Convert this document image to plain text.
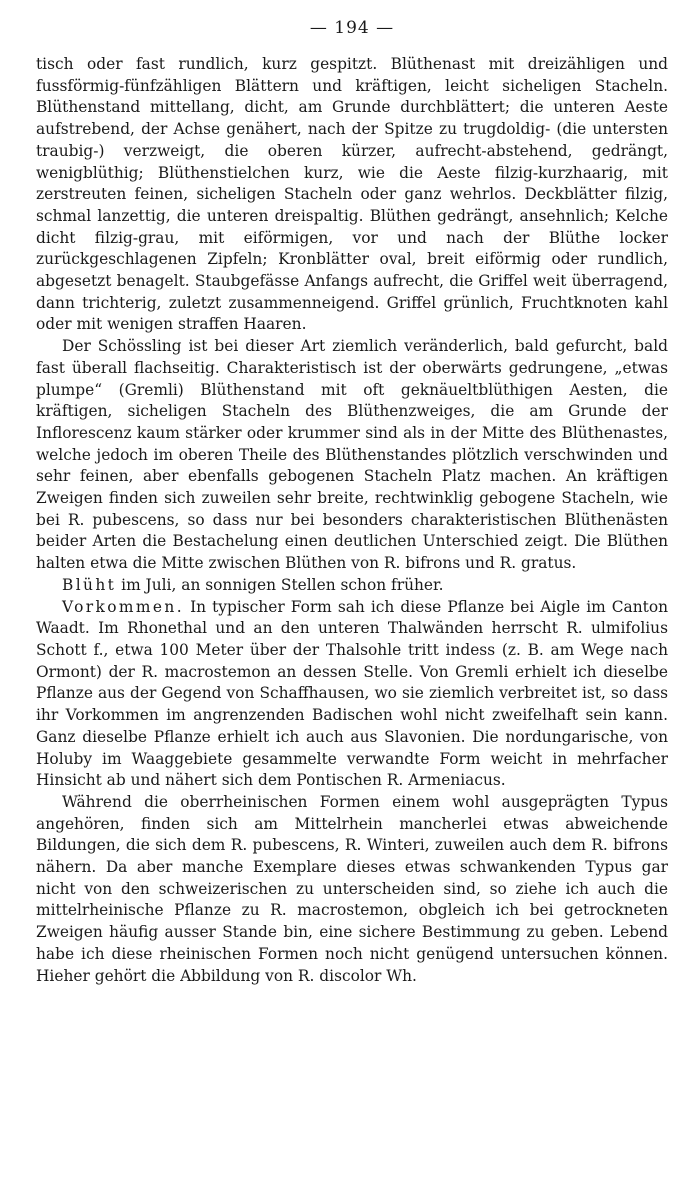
— 194 —

tisch oder fast rundlich, kurz gespitzt. Blüthenast mit dreizähligen und fussförmig-fünfzähligen Blättern und kräftigen, leicht sicheligen Stacheln. Blüthenstand mittellang, dicht, am Grunde durchblättert; die unteren Aeste aufstrebend, der Achse genähert, nach der Spitze zu trugdoldig- (die untersten traubig-) verzweigt, die oberen kürzer, aufrecht-abstehend, gedrängt, wenigblüthig; Blüthenstielchen kurz, wie die Aeste filzig-kurzhaarig, mit zerstreuten feinen, sicheligen Stacheln oder ganz wehrlos. Deckblätter filzig, schmal lanzettig, die unteren dreispaltig. Blüthen gedrängt, ansehnlich; Kelche dicht filzig-grau, mit eiförmigen, vor und nach der Blüthe locker zurückgeschlagenen Zipfeln; Kronblätter oval, breit eiförmig oder rundlich, abgesetzt benagelt. Staubgefässe Anfangs aufrecht, die Griffel weit überragend, dann trichterig, zuletzt zusammenneigend. Griffel grünlich, Fruchtknoten kahl oder mit wenigen straffen Haaren.

Der Schössling ist bei dieser Art ziemlich veränderlich, bald gefurcht, bald fast überall flachseitig. Charakteristisch ist der oberwärts gedrungene, „etwas plumpe“ (Gremli) Blüthenstand mit oft geknäueltblüthigen Aesten, die kräftigen, sicheligen Stacheln des Blüthenzweiges, die am Grunde der Inflorescenz kaum stärker oder krummer sind als in der Mitte des Blüthenastes, welche jedoch im oberen Theile des Blüthenstandes plötzlich verschwinden und sehr feinen, aber ebenfalls gebogenen Stacheln Platz machen. An kräftigen Zweigen finden sich zuweilen sehr breite, rechtwinklig gebogene Stacheln, wie bei R. pubescens, so dass nur bei besonders charakteristischen Blüthenästen beider Arten die Bestachelung einen deutlichen Unterschied zeigt. Die Blüthen halten etwa die Mitte zwischen Blüthen von R. bifrons und R. gratus.

Blüht im Juli, an sonnigen Stellen schon früher.

Vorkommen. In typischer Form sah ich diese Pflanze bei Aigle im Canton Waadt. Im Rhonethal und an den unteren Thalwänden herrscht R. ulmifolius Schott f., etwa 100 Meter über der Thalsohle tritt indess (z. B. am Wege nach Ormont) der R. macrostemon an dessen Stelle. Von Gremli erhielt ich dieselbe Pflanze aus der Gegend von Schaffhausen, wo sie ziemlich verbreitet ist, so dass ihr Vorkommen im angrenzenden Badischen wohl nicht zweifelhaft sein kann. Ganz dieselbe Pflanze erhielt ich auch aus Slavonien. Die nordungarische, von Holuby im Waaggebiete gesammelte verwandte Form weicht in mehrfacher Hinsicht ab und nähert sich dem Pontischen R. Armeniacus.

Während die oberrheinischen Formen einem wohl ausgeprägten Typus angehören, finden sich am Mittelrhein mancherlei etwas abweichende Bildungen, die sich dem R. pubescens, R. Winteri, zuweilen auch dem R. bifrons nähern. Da aber manche Exemplare dieses etwas schwankenden Typus gar nicht von den schweizerischen zu unterscheiden sind, so ziehe ich auch die mittelrheinische Pflanze zu R. macrostemon, obgleich ich bei getrockneten Zweigen häufig ausser Stande bin, eine sichere Bestimmung zu geben. Lebend habe ich diese rheinischen Formen noch nicht genügend untersuchen können. Hieher gehört die Abbildung von R. discolor Wh.
